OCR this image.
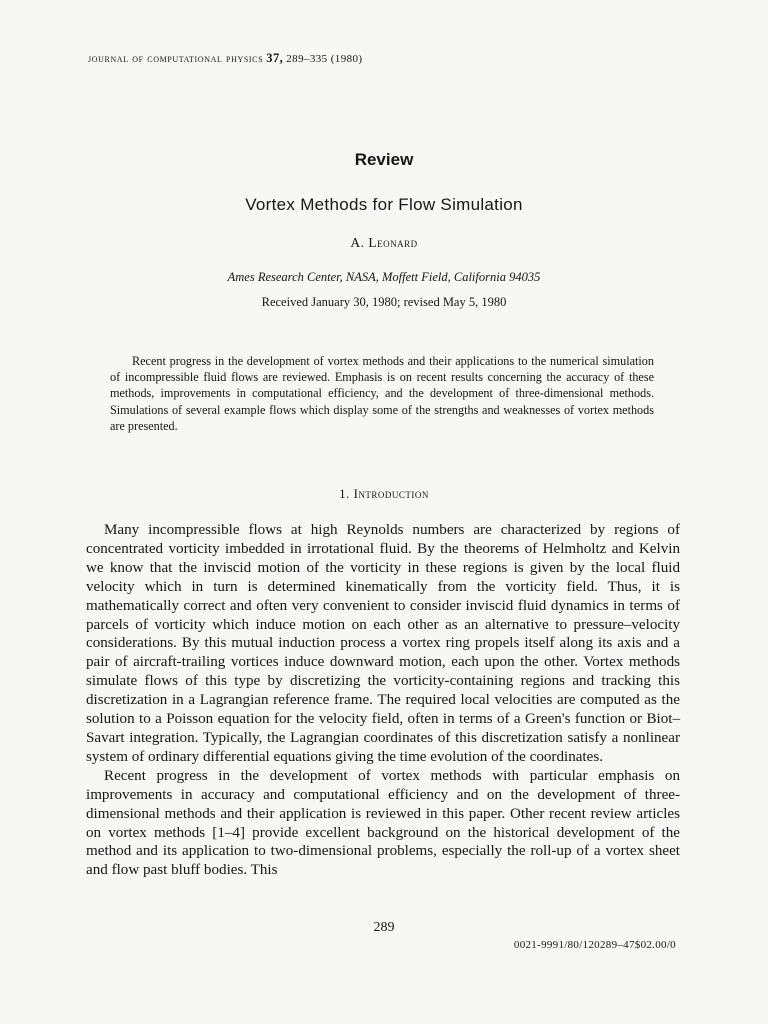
journal of computational physics 37, 289–335 (1980)
Review
Vortex Methods for Flow Simulation
A. Leonard
Ames Research Center, NASA, Moffett Field, California 94035
Received January 30, 1980; revised May 5, 1980
Recent progress in the development of vortex methods and their applications to the numerical simulation of incompressible fluid flows are reviewed. Emphasis is on recent results concerning the accuracy of these methods, improvements in computational efficiency, and the development of three-dimensional methods. Simulations of several example flows which display some of the strengths and weaknesses of vortex methods are presented.
1. Introduction

Many incompressible flows at high Reynolds numbers are characterized by regions of concentrated vorticity imbedded in irrotational fluid. By the theorems of Helmholtz and Kelvin we know that the inviscid motion of the vorticity in these regions is given by the local fluid velocity which in turn is determined kinematically from the vorticity field. Thus, it is mathematically correct and often very convenient to consider inviscid fluid dynamics in terms of parcels of vorticity which induce motion on each other as an alternative to pressure–velocity considerations. By this mutual induction process a vortex ring propels itself along its axis and a pair of aircraft-trailing vortices induce downward motion, each upon the other. Vortex methods simulate flows of this type by discretizing the vorticity-containing regions and tracking this discretization in a Lagrangian reference frame. The required local velocities are computed as the solution to a Poisson equation for the velocity field, often in terms of a Green's function or Biot–Savart integration. Typically, the Lagrangian coordinates of this discretization satisfy a nonlinear system of ordinary differential equations giving the time evolution of the coordinates.

Recent progress in the development of vortex methods with particular emphasis on improvements in accuracy and computational efficiency and on the development of three-dimensional methods and their application is reviewed in this paper. Other recent review articles on vortex methods [1–4] provide excellent background on the historical development of the method and its application to two-dimensional problems, especially the roll-up of a vortex sheet and flow past bluff bodies. This

289
0021-9991/80/120289–47$02.00/0
